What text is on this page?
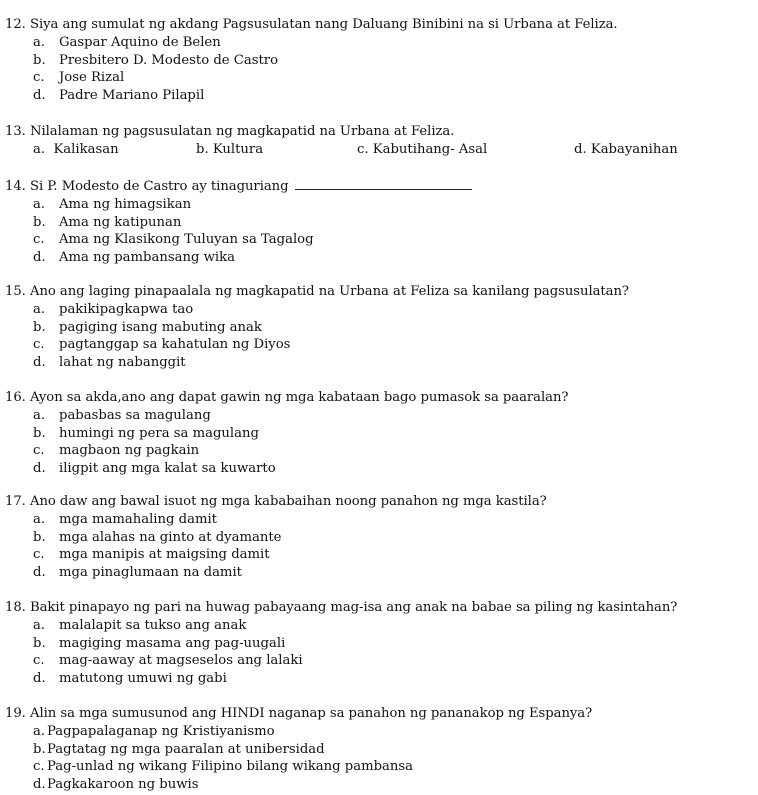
12. Siya ang sumulat ng akdang Pagsusulatan nang Daluang Binibini na si Urbana at Feliza.
a. Gaspar Aquino de Belen
b. Presbitero D. Modesto de Castro
c. Jose Rizal
d. Padre Mariano Pilapil
13. Nilalaman ng pagsusulatan ng magkapatid na Urbana at Feliza.
a. Kalikasan	b. Kultura	c. Kabutihang- Asal	d. Kabayanihan
14. Si P. Modesto de Castro ay tinaguriang
a. Ama ng himagsikan
b. Ama ng katipunan
c. Ama ng Klasikong Tuluyan sa Tagalog
d. Ama ng pambansang wika
15. Ano ang laging pinapaalala ng magkapatid na Urbana at Feliza sa kanilang pagsusulatan?
a. pakikipagkapwa tao
b. pagiging isang mabuting anak
c. pagtanggap sa kahatulan ng Diyos
d. lahat ng nabanggit
16. Ayon sa akda,ano ang dapat gawin ng mga kabataan bago pumasok sa paaralan?
a. pabasbas sa magulang
b. humingi ng pera sa magulang
c. magbaon ng pagkain
d. iligpit ang mga kalat sa kuwarto
17. Ano daw ang bawal isuot ng mga kababaihan noong panahon ng mga kastila?
a. mga mamahaling damit
b. mga alahas na ginto at dyamante
c. mga manipis at maigsing damit
d. mga pinaglumaan na damit
18. Bakit pinapayo ng pari na huwag pabayaang mag-isa ang anak na babae sa piling ng kasintahan?
a. malalapit sa tukso ang anak
b. magiging masama ang pag-uugali
c. mag-aaway at magseselos ang lalaki
d. matutong umuwi ng gabi
19. Alin sa mga sumusunod ang HINDI naganap sa panahon ng pananakop ng Espanya?
a. Pagpapalaganap ng Kristiyanismo
b.Pagtatag ng mga paaralan at unibersidad
c. Pag-unlad ng wikang Filipino bilang wikang pambansa
d.Pagkakaroon ng buwis
